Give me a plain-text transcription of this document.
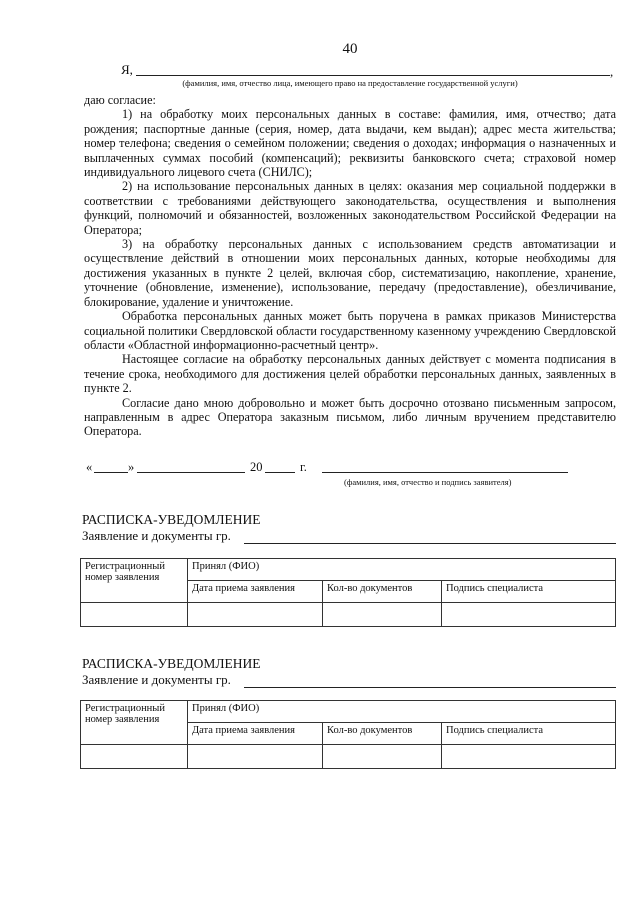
40
Я,	,
(фамилия, имя, отчество лица, имеющего право на предоставление государственной услуги)

даю согласие:

1) на обработку моих персональных данных в составе: фамилия, имя, отчество; дата рождения; паспортные данные (серия, номер, дата выдачи, кем выдан); адрес места жительства; номер телефона; сведения о семейном положении; сведения о доходах; информация о назначенных и выплаченных суммах пособий (компенсаций); реквизиты банковского счета; страховой номер индивидуального лицевого счета (СНИЛС);

2) на использование персональных данных в целях: оказания мер социальной поддержки в соответствии с требованиями действующего законодательства, осуществления и выполнения функций, полномочий и обязанностей, возложенных законодательством Российской Федерации на Оператора;

3) на обработку персональных данных с использованием средств автоматизации и осуществление действий в отношении моих персональных данных, которые необходимы для достижения указанных в пункте 2 целей, включая сбор, систематизацию, накопление, хранение, уточнение (обновление, изменение), использование, передачу (предоставление), обезличивание, блокирование, удаление и уничтожение.

Обработка персональных данных может быть поручена в рамках приказов Министерства социальной политики Свердловской области государственному казенному учреждению Свердловской области «Областной информационно-расчетный центр».

Настоящее согласие на обработку персональных данных действует с момента подписания в течение срока, необходимого для достижения целей обработки персональных данных, заявленных в пункте 2.

Согласие дано мною добровольно и может быть досрочно отозвано письменным запросом, направленным в адрес Оператора заказным письмом, либо личным вручением представителю Оператора.

«	»	20	г.
(фамилия, имя, отчество и подпись заявителя)
РАСПИСКА-УВЕДОМЛЕНИЕ
Заявление и документы гр.
Регистрационный номер заявления	Принял (ФИО)		
	Дата приема заявления	Кол-во документов	Подпись специалиста

РАСПИСКА-УВЕДОМЛЕНИЕ
Заявление и документы гр.
Регистрационный номер заявления	Принял (ФИО)		
	Дата приема заявления	Кол-во документов	Подпись специалиста
